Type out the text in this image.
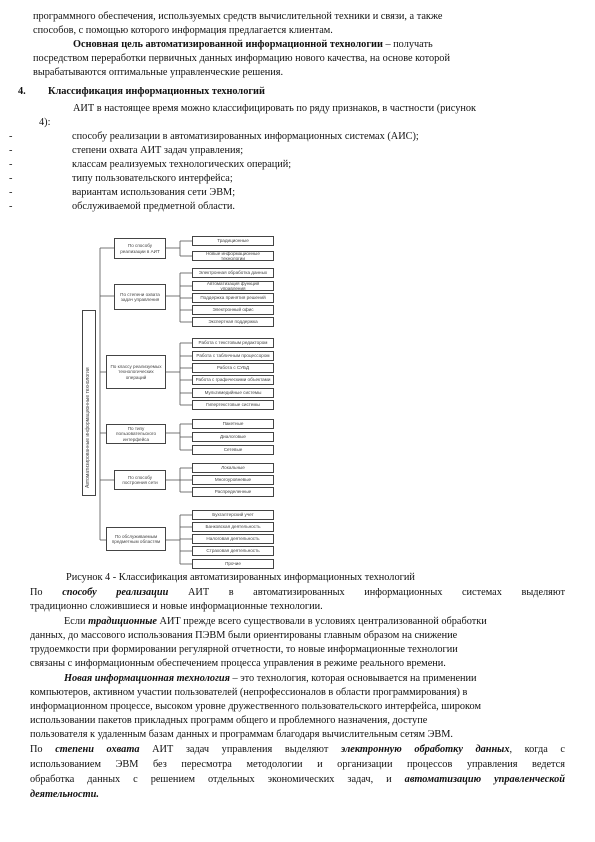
программного обеспечения, используемых средств вычислительной техники и связи, а также
способов, с помощью которого информация предлагается клиентам.
Основная цель автоматизированной информационной технологии – получать
посредством переработки первичных данных информацию нового качества, на основе которой
вырабатываются оптимальные управленческие решения.
4. Классификация информационных технологий
АИТ в настоящее время можно классифицировать по ряду признаков, в частности (рисунок
4):
-	способу реализации в автоматизированных информационных системах (АИС);
-	степени охвата АИТ задач управления;
-	классам реализуемых технологических операций;
-	типу пользовательского интерфейса;
-	вариантам использования сети ЭВМ;
-	обслуживаемой предметной области.
Автоматизированные информационные технологии
По способу реализации в АИТ
По степени охвата задач управления
По классу реализуемых технологических операций
По типу пользовательского интерфейса
По способу построения сети
По обслуживаемым предметным областям
Традиционные
Новые информационные технологии
Электронная обработка данных
Автоматизация функций управления
Поддержка принятия решений
Электронный офис
Экспертная поддержка
Работа с текстовым редактором
Работа с табличным процессором
Работа с СУБД
Работа с графическими объектами
Мультимедийные системы
Гипертекстовые системы
Пакетные
Диалоговые
Сетевые
Локальные
Многоуровневые
Распределенные
Бухгалтерский учет
Банковская деятельность
Налоговая деятельность
Страховая деятельность
Прочие
Рисунок 4 - Классификация автоматизированных информационных технологий
По способу реализации АИТ в автоматизированных информационных системах выделяют
традиционно сложившиеся и новые информационные технологии.
Если традиционные АИТ прежде всего существовали в условиях централизованной обработки
данных, до массового использования ПЭВМ были ориентированы главным образом на снижение
трудоемкости при формировании регулярной отчетности, то новые информационные технологии
связаны с информационным обеспечением процесса управления в режиме реального времени.
Новая информационная технология – это технология, которая основывается на применении
компьютеров, активном участии пользователей (непрофессионалов в области программирования) в
информационном процессе, высоком уровне дружественного пользовательского интерфейса, широком
использовании пакетов прикладных программ общего и проблемного назначения, доступе
пользователя к удаленным базам данных и программам благодаря вычислительным сетям ЭВМ.
По степени охвата АИТ задач управления выделяют электронную обработку данных, когда с
использованием ЭВМ без пересмотра методологии и организации процессов управления ведется
обработка данных с решением отдельных экономических задач, и автоматизацию управленческой
деятельности.
